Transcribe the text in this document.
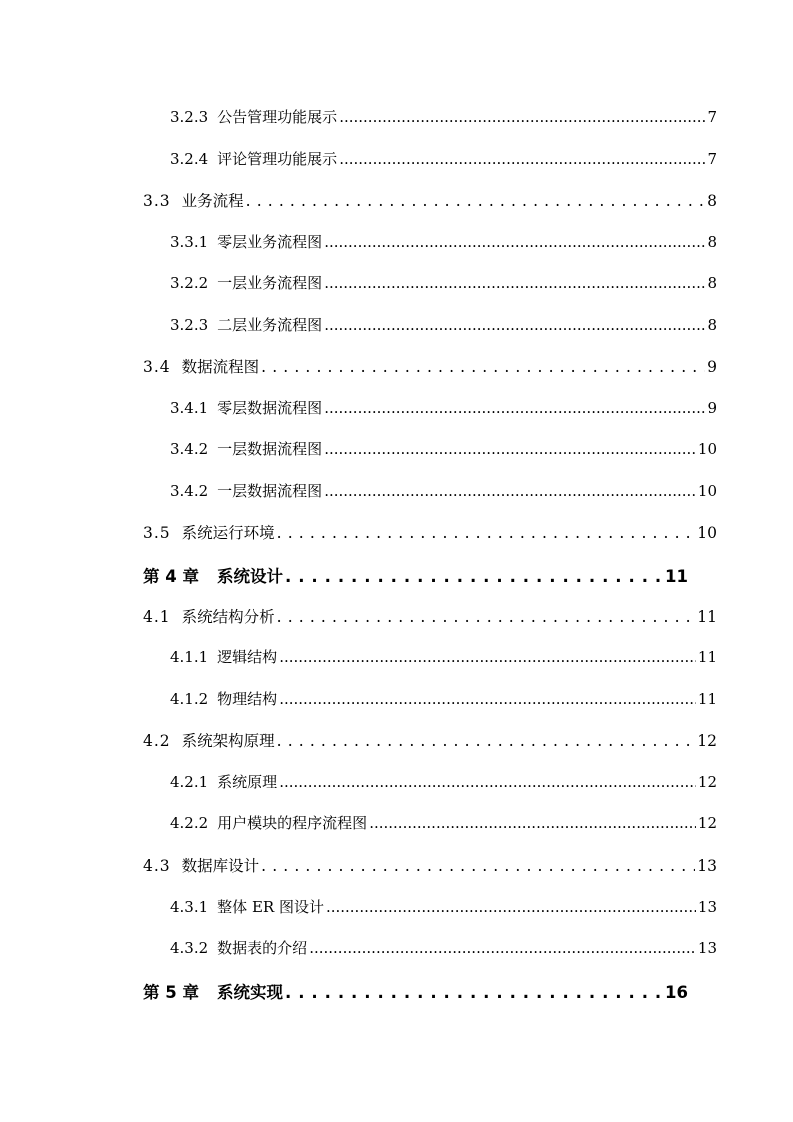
3.2.3 公告管理功能展示 .....	7
3.2.4 评论管理功能展示 .....	7
3.3 业务流程 . . .	8
3.3.1 零层业务流程图 .....	8
3.2.2 一层业务流程图 .....	8
3.2.3 二层业务流程图 .....	8
3.4 数据流程图 . . .	9
3.4.1 零层数据流程图 .....	9
3.4.2 一层数据流程图 .....	10
3.4.2 一层数据流程图 .....	10
3.5 系统运行环境 . . .	10
第 4 章 系统设计 . . .	11
4.1 系统结构分析 . . .	11
4.1.1 逻辑结构 .....	11
4.1.2 物理结构 .....	11
4.2 系统架构原理 . . .	12
4.2.1 系统原理 .....	12
4.2.2 用户模块的程序流程图 .....	12
4.3 数据库设计 . . .	13
4.3.1 整体 ER 图设计 .....	13
4.3.2 数据表的介绍 .....	13
第 5 章 系统实现 . . .	16
